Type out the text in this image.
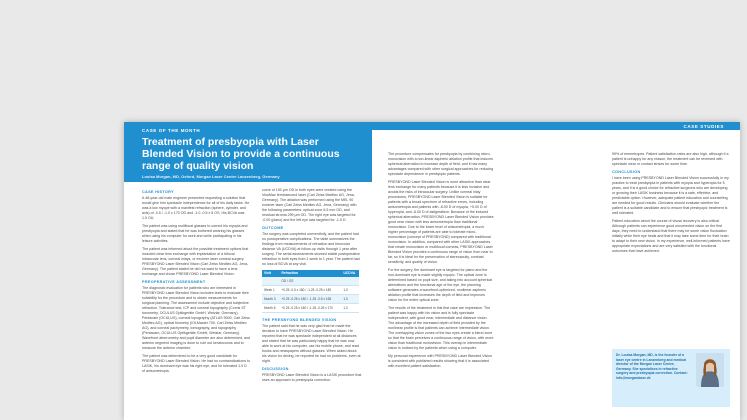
CASE OF THE MONTH
Treatment of presbyopia with Laser Blended Vision to provide a continuous range of quality vision
Louisa Morgan, MD, Oxford, Morgan Laser Centre Lanzenberg, Germany
CASE HISTORY

A 48-year-old male engineer presented requesting a solution that would give him spectacle independence for all of his daily tasks. He was a low myope with a manifest refraction (sphere, cylinder, and axis) of -0.5 / -1.0 x 170 OD and -1.0 -0.5 x 5 OS. His BCVA was 1.0 OU.

The patient was using multifocal glasses to correct his myopia and presbyopia and stated that he was bothered wearing his glasses when using his computer for work and while participating in his leisure activities.

The patient was informed about the possible treatment options that included clear lens exchange with implantation of a trifocal intraocular lens, corneal inlays, or excimer laser corneal surgery PRESBYOND Laser Blended Vision (Carl Zeiss Meditec AG, Jena, Germany). The patient stated he did not want to have a lens exchange and chose PRESBYOND Laser Blended Vision.

PREOPERATIVE ASSESSMENT

The diagnostic evaluation for patients who are interested in PRESBYOND Laser Blended Vision includes tests to evaluate their suitability for the procedure and to obtain measurements for surgical planning. The assessment include objective and subjective refraction. Tolerance test, ICP and corneal topography (Corvis ST tonometry, OCULUS Optikgeräte GmbH, Wetzlar, Germany), Pentacam (OCULUS), corneal topography (ATLAS 9000, Carl Zeiss Meditec AG), optical biometry (IOLMaster 700, Carl Zeiss Meditec AG), and corneal pachymetry, tomography, and topography (Pentacam, OCULUS Optikgeräte GmbH, Wetzlar, Germany). Wavefront aberrometry and pupil diameter are also determined, and anterior segment imaging is done to rule out keratoconus and to measure the anterior chamber.

The patient was determined to be a very good candidate for PRESBYOND Laser Blended Vision. He had no contraindications to LASIK, his dominant eye was his right eye, and he tolerated 1.0 D of anisometropia.

curve of 150 µm OD in both eyes were created using the VisuMax femtosecond laser (Carl Zeiss Meditec AG, Jena, Germany). The ablation was performed using the MEL 90 excimer laser (Carl Zeiss Meditec AG, Jena, Germany) with the following parameters: optical zone 6.5 mm OD, and residual stroma 299 µm OD. The right eye was targeted for -0.00 (plano) and the left eye was targeted for -1.5 D.

OUTCOME

The surgery was completed uneventfully, and the patient had no postoperative complications. The table summarizes the findings from measurements of refraction and binocular distance VA (UCDVA) at follow-up visits through 1 year after surgery. The serial assessments showed stable postoperative refraction in both eyes from 1 week to 1 year. The patient had no loss of BCVA at any visit.

Visit	Refraction	UCDVA
	OD / OS	
Week 1	+0.25 -0.5 x 180 / -1.25 -0.25 x 180	1.0
Month 3	+0.25 -0.25 x 180 / -1.25 -0.5 x 165	1.0
Month 6	+0.25 -0.25 x 180 / -1.25 -0.25 x 170	1.0
THE PRESBYOND BLENDED VISION

The patient said that he was very glad that he made the decision to have PRESBYOND Laser Blended Vision. He reported that he was spectacle independent at all distances and stated that he was particularly happy that he was now able to work at his computer, use his mobile phone, and read books and newspapers without glasses. When asked about his vision for driving, he reported he had no problems, even at night.

DISCUSSION

PRESBYOND Laser Blended Vision is a LASIK procedure that uses an approach to presbyopia correction.

CASE STUDIES

The procedure compensates for presbyopia by combining micro-monovision with a non-linear aspheric ablation profile that induces spherical aberration to increase depth of field, and it has many advantages compared with other surgical approaches for reducing spectacle dependence in presbyopic patients.

PRESBYOND Laser Blended Vision is more attractive than clear lens exchange for many patients because it is less invasive and avoids the risks of intraocular surgery. Unlike corneal inlay procedures, PRESBYOND Laser Blended Vision is suitable for patients with a broad spectrum of refractive errors, including anisometropia and patients with -8.00 D of myopia, +5.00 D of hyperopia, and -6.00 D of astigmatism. Because of the induced spherical aberration, PRESBYOND Laser Blended Vision provides good near vision with less anisometropia than traditional monovision. Due to the lower level of anisometropia, a much higher percentage of patients are able to tolerate micro-monovision (concept of PRESBYOND) compared with traditional monovision. In addition, compared with other LASIK approaches that create monovision or multifocal corneas, PRESBYOND Laser Blended Vision provides a continuous range of vision from near to far, so it is ideal for the preservation of stereoacuity, contrast sensitivity, and quality of vision.

For the surgery, the dominant eye is targeted for plano and the non-dominant eye is made slightly myopic. The optical zone is determined based on pupil size, and taking into account spherical aberrations and the functional age of the eye, the planning software generates a wavefront-optimized, nonlinear aspheric ablation profile that increases the depth of field and improves vision for the entire optical zone.

The results of the treatment in this first case are impressive. The patient was happy with his vision and is fully spectacle independent, with good near, intermediate and distance vision. The advantage of the increased depth of field provided by the nonlinear profile is that patients can achieve intermediate vision. The overlapping vision zones of the two eyes create a blend zone so that the brain perceives a continuous range of vision, with more vision than traditional monovision. This overlap in intermediate vision is noticed by the patients when using a computer.

My personal experience with PRESBYOND Laser Blended Vision is consistent with published results showing that it is associated with excellent patient satisfaction.

99% of emmetropes. Patient satisfaction rates are also high, although if a patient is unhappy for any reason, the treatment can be reversed with spectacle wear or contact lenses for some time.

CONCLUSION

I have been using PRESBYOND Laser Blended Vision successfully in my practice to treat presbyopia in patients with myopia and hyperopia for 5 years, and it is a good choice for refractive surgeons who are developing or growing their LASIK business because it is a safe, effective, and predictable option. However, adequate patient education and counselling are needed for good results. Clinicians should evaluate whether the patient is a suitable candidate and to ensure that presbyopic treatment is well tolerated.

Patient education about the course of visual recovery is also critical. Although patients can experience good uncorrected vision on the first days, they need to understand that there may be some vision fluctuation initially while their eye heals and that it may take some time for their brain to adapt to their new vision. In my experience, well-informed patients have appropriate expectations and are very satisfied with the functional outcomes that have achieved.

Dr. Louisa Morgan, MD, is the founder of a laser eye centre in Lanzenberg and medical director of the Morgan Laser Centre, Germany. She specialises in refractive surgery and presbyopia correction. Contact: info@morganlaser.de
